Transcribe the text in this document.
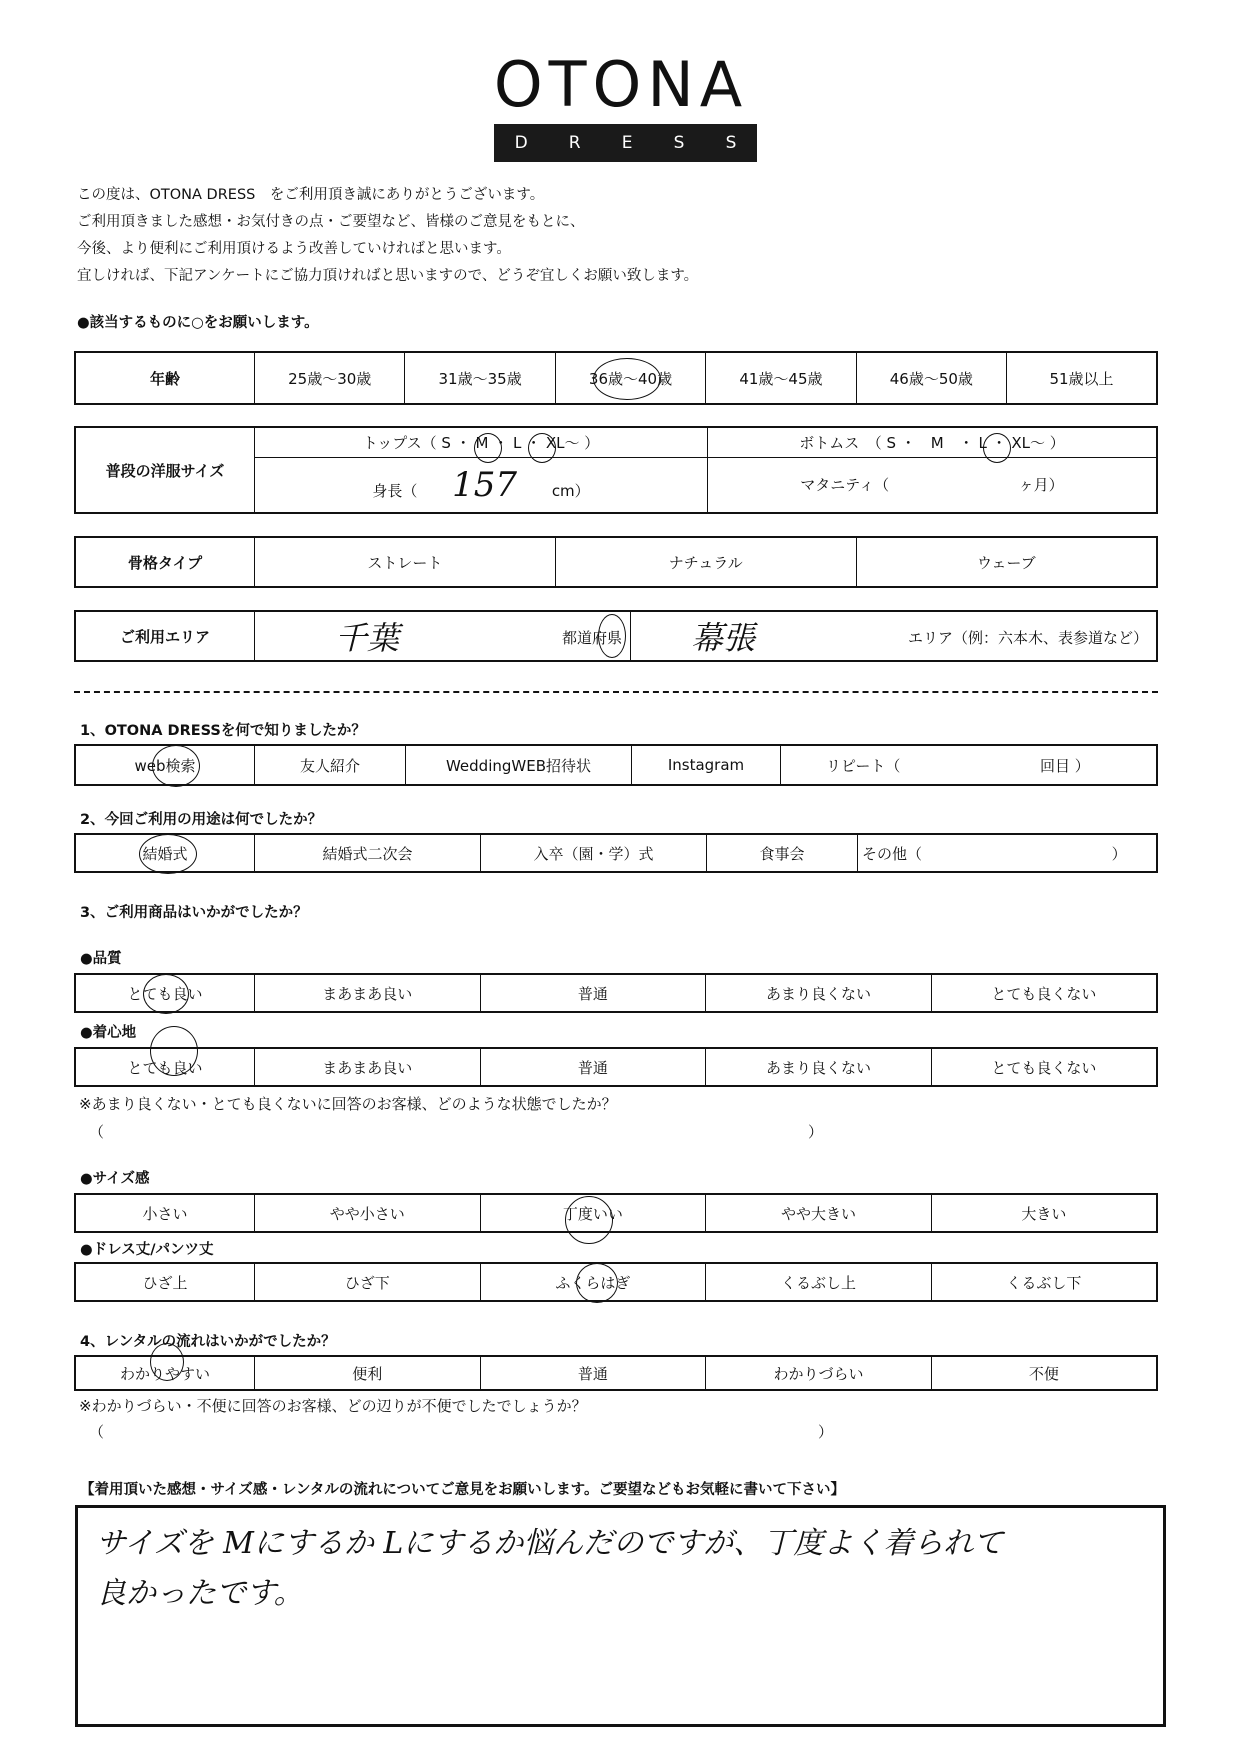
OTONA
D R E S S
この度は、OTONA DRESS　をご利用頂き誠にありがとうございます。
ご利用頂きました感想・お気付きの点・ご要望など、皆様のご意見をもとに、
今後、より便利にご利用頂けるよう改善していければと思います。
宜しければ、下記アンケートにご協力頂ければと思いますので、どうぞ宜しくお願い致します。
●該当するものに○をお願いします。
年齢	25歳〜30歳	31歳〜35歳	36歳〜40歳	41歳〜45歳	46歳〜50歳	51歳以上
普段の洋服サイズ	トップス（ S ・ M ・ L ・ XL〜 ）	ボトムス　（ S ・　M　・ L ・ XL〜 ）
	身長（ 157 cm）	マタニティ（ ヶ月）
骨格タイプ	ストレート	ナチュラル	ウェーブ
ご利用エリア	千葉	都道府県	幕張	エリア（例：六本木、表参道など）
1、OTONA DRESSを何で知りましたか？
web検索	友人紹介	WeddingWEB招待状	Instagram	リピート（	回目 ）
2、今回ご利用の用途は何でしたか？
結婚式	結婚式二次会	入卒（園・学）式	食事会	その他（	）
3、ご利用商品はいかがでしたか？
●品質
とても良い	まあまあ良い	普通	あまり良くない	とても良くない
●着心地
とても良い	まあまあ良い	普通	あまり良くない	とても良くない
※あまり良くない・とても良くないに回答のお客様、どのような状態でしたか？
（	）
●サイズ感
小さい	やや小さい	丁度いい	やや大きい	大きい
●ドレス丈/パンツ丈
ひざ上	ひざ下	ふくらはぎ	くるぶし上	くるぶし下
4、レンタルの流れはいかがでしたか？
わかりやすい	便利	普通	わかりづらい	不便
※わかりづらい・不便に回答のお客様、どの辺りが不便でしたでしょうか？
（	）
【着用頂いた感想・サイズ感・レンタルの流れについてご意見をお願いします。ご要望などもお気軽に書いて下さい】
サイズを Mにするか Lにするか悩んだのですが、丁度よく着られて
良かったです。
